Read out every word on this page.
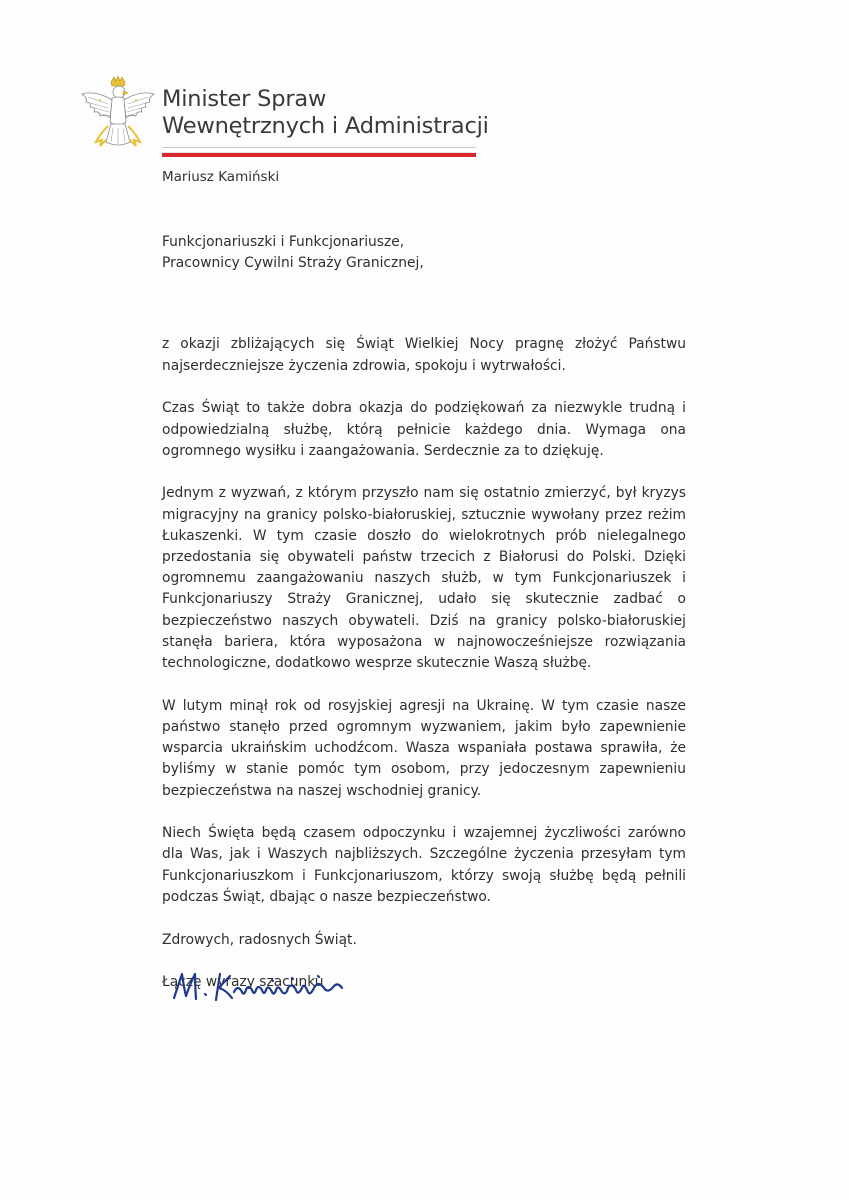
Minister Spraw
Wewnętrznych i Administracji
Mariusz Kamiński
Funkcjonariuszki i Funkcjonariusze,
Pracownicy Cywilni Straży Granicznej,

z okazji zbliżających się Świąt Wielkiej Nocy pragnę złożyć Państwu najserdeczniejsze życzenia zdrowia, spokoju i wytrwałości.

Czas Świąt to także dobra okazja do podziękowań za niezwykle trudną i odpowiedzialną służbę, którą pełnicie każdego dnia. Wymaga ona ogromnego wysiłku i zaangażowania. Serdecznie za to dziękuję.

Jednym z wyzwań, z którym przyszło nam się ostatnio zmierzyć, był kryzys migracyjny na granicy polsko-białoruskiej, sztucznie wywołany przez reżim Łukaszenki. W tym czasie doszło do wielokrotnych prób nielegalnego przedostania się obywateli państw trzecich z Białorusi do Polski. Dzięki ogromnemu zaangażowaniu naszych służb, w tym Funkcjonariuszek i Funkcjonariuszy Straży Granicznej, udało się skutecznie zadbać o bezpieczeństwo naszych obywateli. Dziś na granicy polsko-białoruskiej stanęła bariera, która wyposażona w najnowocześniejsze rozwiązania technologiczne, dodatkowo wesprze skutecznie Waszą służbę.

W lutym minął rok od rosyjskiej agresji na Ukrainę. W tym czasie nasze państwo stanęło przed ogromnym wyzwaniem, jakim było zapewnienie wsparcia ukraińskim uchodźcom. Wasza wspaniała postawa sprawiła, że byliśmy w stanie pomóc tym osobom, przy jedoczesnym zapewnieniu bezpieczeństwa na naszej wschodniej granicy.

Niech Święta będą czasem odpoczynku i wzajemnej życzliwości zarówno dla Was, jak i Waszych najbliższych. Szczególne życzenia przesyłam tym Funkcjonariuszkom i Funkcjonariuszom, którzy swoją służbę będą pełnili podczas Świąt, dbając o nasze bezpieczeństwo.

Zdrowych, radosnych Świąt.

Łączę wyrazy szacunku
